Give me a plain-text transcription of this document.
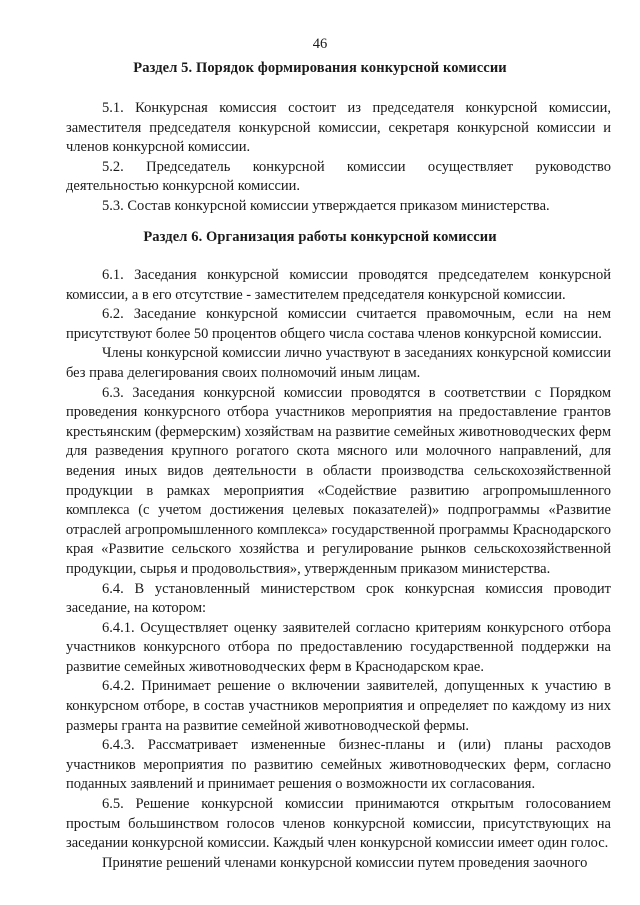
46
Раздел 5. Порядок формирования конкурсной комиссии

5.1. Конкурсная комиссия состоит из председателя конкурсной комиссии, заместителя председателя конкурсной комиссии, секретаря конкурсной комиссии и членов конкурсной комиссии.

5.2. Председатель конкурсной комиссии осуществляет руководство деятельностью конкурсной комиссии.

5.3. Состав конкурсной комиссии утверждается приказом министерства.

Раздел 6. Организация работы конкурсной комиссии

6.1. Заседания конкурсной комиссии проводятся председателем конкурсной комиссии, а в его отсутствие - заместителем председателя конкурсной комиссии.

6.2. Заседание конкурсной комиссии считается правомочным, если на нем присутствуют более 50 процентов общего числа состава членов конкурсной комиссии.

Члены конкурсной комиссии лично участвуют в заседаниях конкурсной комиссии без права делегирования своих полномочий иным лицам.

6.3. Заседания конкурсной комиссии проводятся в соответствии с Порядком проведения конкурсного отбора участников мероприятия на предоставление грантов крестьянским (фермерским) хозяйствам на развитие семейных животноводческих ферм для разведения крупного рогатого скота мясного или молочного направлений, для ведения иных видов деятельности в области производства сельскохозяйственной продукции в рамках мероприятия «Содействие развитию агропромышленного комплекса (с учетом достижения целевых показателей)» подпрограммы «Развитие отраслей агропромышленного комплекса» государственной программы Краснодарского края «Развитие сельского хозяйства и регулирование рынков сельскохозяйственной продукции, сырья и продовольствия», утвержденным приказом министерства.

6.4. В установленный министерством срок конкурсная комиссия проводит заседание, на котором:

6.4.1. Осуществляет оценку заявителей согласно критериям конкурсного отбора участников конкурсного отбора по предоставлению государственной поддержки на развитие семейных животноводческих ферм в Краснодарском крае.

6.4.2. Принимает решение о включении заявителей, допущенных к участию в конкурсном отборе, в состав участников мероприятия и определяет по каждому из них размеры гранта на развитие семейной животноводческой фермы.

6.4.3. Рассматривает измененные бизнес-планы и (или) планы расходов участников мероприятия по развитию семейных животноводческих ферм, согласно поданных заявлений и принимает решения о возможности их согласования.

6.5. Решение конкурсной комиссии принимаются открытым голосованием простым большинством голосов членов конкурсной комиссии, присутствующих на заседании конкурсной комиссии. Каждый член конкурсной комиссии имеет один голос.

Принятие решений членами конкурсной комиссии путем проведения заочного
